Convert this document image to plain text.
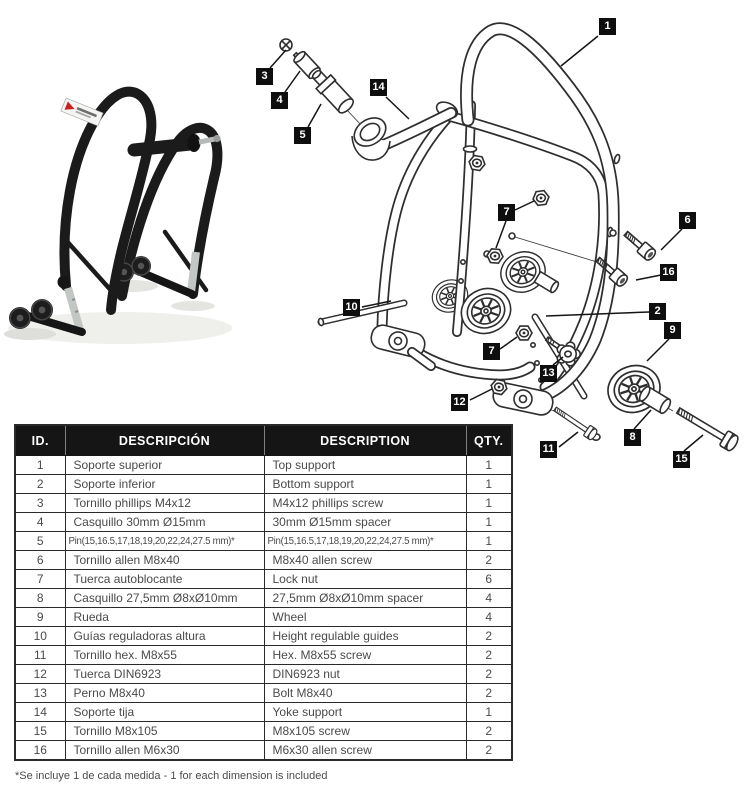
1
3
4
5
14
6
16
2
9
7
7
10
13
12
8
11
15
ID.	DESCRIPCIÓN	DESCRIPTION	QTY.
1	Soporte superior	Top support	1
2	Soporte inferior	Bottom support	1
3	Tornillo phillips M4x12	M4x12 phillips screw	1
4	Casquillo 30mm Ø15mm	30mm Ø15mm spacer	1
5	Pin(15,16.5,17,18,19,20,22,24,27.5 mm)*	Pin(15,16.5,17,18,19,20,22,24,27.5 mm)*	1
6	Tornillo allen M8x40	M8x40 allen screw	2
7	Tuerca autoblocante	Lock nut	6
8	Casquillo 27,5mm Ø8xØ10mm	27,5mm Ø8xØ10mm spacer	4
9	Rueda	Wheel	4
10	Guías reguladoras altura	Height regulable guides	2
11	Tornillo hex. M8x55	Hex. M8x55 screw	2
12	Tuerca DIN6923	DIN6923 nut	2
13	Perno M8x40	Bolt M8x40	2
14	Soporte tija	Yoke support	1
15	Tornillo M8x105	M8x105 screw	2
16	Tornillo allen M6x30	M6x30 allen screw	2
*Se incluye 1 de cada medida - 1 for each dimension is included
